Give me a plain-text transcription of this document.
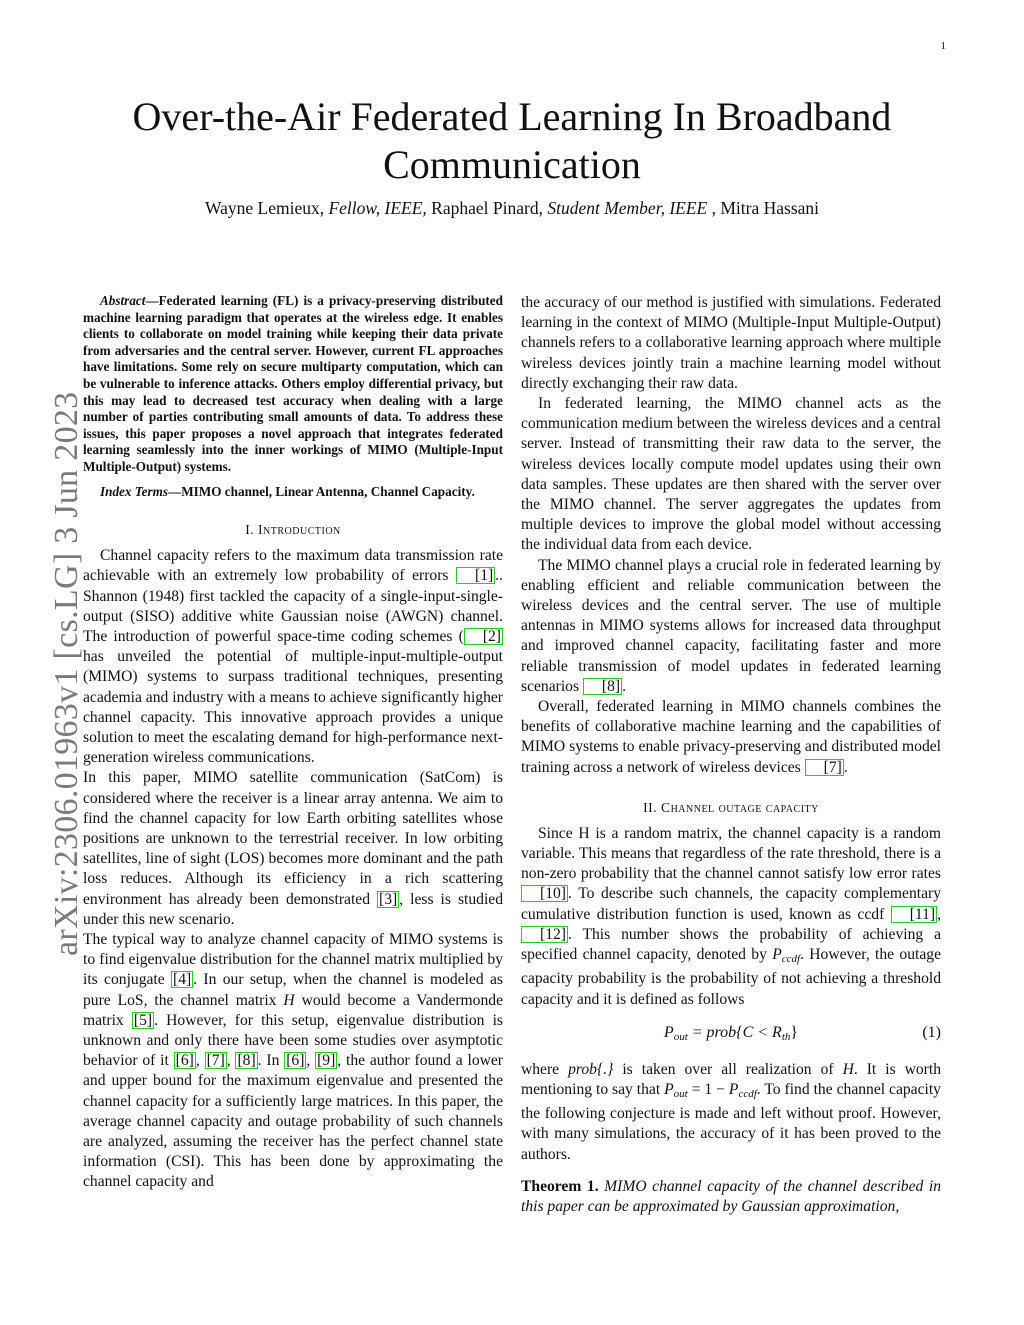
1
arXiv:2306.01963v1 [cs.LG] 3 Jun 2023
Over-the-Air Federated Learning In Broadband Communication
Wayne Lemieux, Fellow, IEEE, Raphael Pinard, Student Member, IEEE , Mitra Hassani

Abstract—Federated learning (FL) is a privacy-preserving distributed machine learning paradigm that operates at the wireless edge. It enables clients to collaborate on model training while keeping their data private from adversaries and the central server. However, current FL approaches have limitations. Some rely on secure multiparty computation, which can be vulnerable to inference attacks. Others employ differential privacy, but this may lead to decreased test accuracy when dealing with a large number of parties contributing small amounts of data. To address these issues, this paper proposes a novel approach that integrates federated learning seamlessly into the inner workings of MIMO (Multiple-Input Multiple-Output) systems.

Index Terms—MIMO channel, Linear Antenna, Channel Capacity.

I. Introduction

Channel capacity refers to the maximum data transmission rate achievable with an extremely low probability of errors [1] .. Shannon (1948) first tackled the capacity of a single-input-single-output (SISO) additive white Gaussian noise (AWGN) channel. The introduction of powerful space-time coding schemes ( [2] has unveiled the potential of multiple-input-multiple-output (MIMO) systems to surpass traditional techniques, presenting academia and industry with a means to achieve significantly higher channel capacity. This innovative approach provides a unique solution to meet the escalating demand for high-performance next-generation wireless communications.

In this paper, MIMO satellite communication (SatCom) is considered where the receiver is a linear array antenna. We aim to find the channel capacity for low Earth orbiting satellites whose positions are unknown to the terrestrial receiver. In low orbiting satellites, line of sight (LOS) becomes more dominant and the path loss reduces. Although its efficiency in a rich scattering environment has already been demonstrated [3] , less is studied under this new scenario.

The typical way to analyze channel capacity of MIMO systems is to find eigenvalue distribution for the channel matrix multiplied by its conjugate [4] . In our setup, when the channel is modeled as pure LoS, the channel matrix H would become a Vandermonde matrix [5] . However, for this setup, eigenvalue distribution is unknown and only there have been some studies over asymptotic behavior of it [6] , [7] , [8] . In [6] , [9] , the author found a lower and upper bound for the maximum eigenvalue and presented the channel capacity for a sufficiently large matrices. In this paper, the average channel capacity and outage probability of such channels are analyzed, assuming the receiver has the perfect channel state information (CSI). This has been done by approximating the channel capacity and

the accuracy of our method is justified with simulations. Federated learning in the context of MIMO (Multiple-Input Multiple-Output) channels refers to a collaborative learning approach where multiple wireless devices jointly train a machine learning model without directly exchanging their raw data.

In federated learning, the MIMO channel acts as the communication medium between the wireless devices and a central server. Instead of transmitting their raw data to the server, the wireless devices locally compute model updates using their own data samples. These updates are then shared with the server over the MIMO channel. The server aggregates the updates from multiple devices to improve the global model without accessing the individual data from each device.

The MIMO channel plays a crucial role in federated learning by enabling efficient and reliable communication between the wireless devices and the central server. The use of multiple antennas in MIMO systems allows for increased data throughput and improved channel capacity, facilitating faster and more reliable transmission of model updates in federated learning scenarios [8] .

Overall, federated learning in MIMO channels combines the benefits of collaborative machine learning and the capabilities of MIMO systems to enable privacy-preserving and distributed model training across a network of wireless devices [7] .

II. Channel outage capacity

Since H is a random matrix, the channel capacity is a random variable. This means that regardless of the rate threshold, there is a non-zero probability that the channel cannot satisfy low error rates [10] . To describe such channels, the capacity complementary cumulative distribution function is used, known as ccdf [11] , [12] . This number shows the probability of achieving a specified channel capacity, denoted by $P_{ccdf}$. However, the outage capacity probability is the probability of not achieving a threshold capacity and it is defined as follows

$P_{out}$ = prob{C < $R_{th}$}	(1)

where prob{.} is taken over all realization of H. It is worth mentioning to say that $P_{out} = 1 - P_{ccdf}$. To find the channel capacity the following conjecture is made and left without proof. However, with many simulations, the accuracy of it has been proved to the authors.

Theorem 1. MIMO channel capacity of the channel described in this paper can be approximated by Gaussian approximation,
